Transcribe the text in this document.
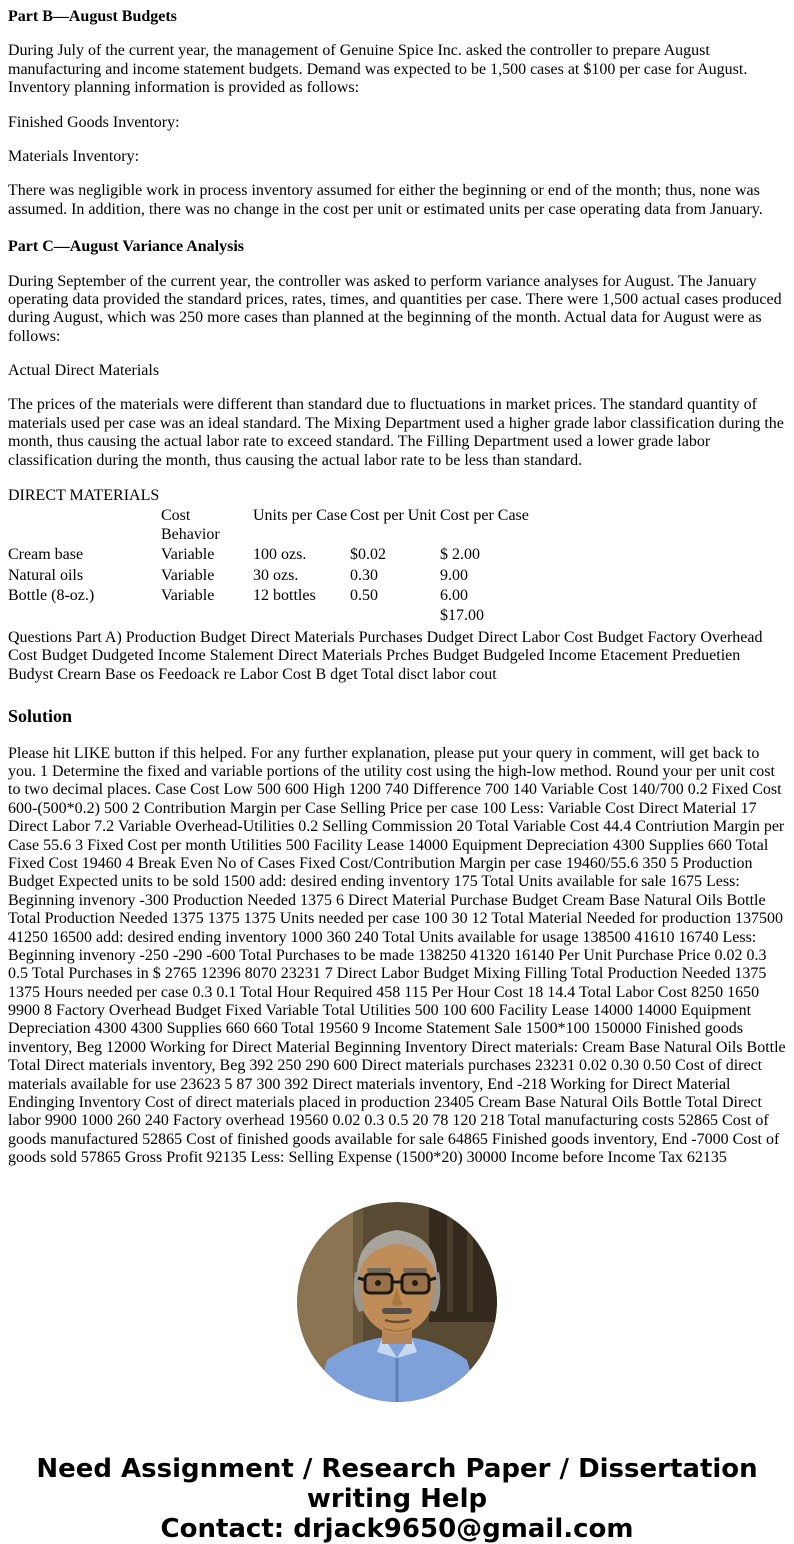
Part B—August Budgets

During July of the current year, the management of Genuine Spice Inc. asked the controller to prepare August manufacturing and income statement budgets. Demand was expected to be 1,500 cases at $100 per case for August. Inventory planning information is provided as follows:

Finished Goods Inventory:

Materials Inventory:

There was negligible work in process inventory assumed for either the beginning or end of the month; thus, none was assumed. In addition, there was no change in the cost per unit or estimated units per case operating data from January.

Part C—August Variance Analysis

During September of the current year, the controller was asked to perform variance analyses for August. The January operating data provided the standard prices, rates, times, and quantities per case. There were 1,500 actual cases produced during August, which was 250 more cases than planned at the beginning of the month. Actual data for August were as follows:

Actual Direct Materials

The prices of the materials were different than standard due to fluctuations in market prices. The standard quantity of materials used per case was an ideal standard. The Mixing Department used a higher grade labor classification during the month, thus causing the actual labor rate to exceed standard. The Filling Department used a lower grade labor classification during the month, thus causing the actual labor rate to be less than standard.

DIRECT MATERIALS				
	Cost Behavior	Units per Case	Cost per Unit	Cost per Case
Cream base	Variable	100 ozs.	$0.02	$ 2.00
Natural oils	Variable	30 ozs.	0.30	9.00
Bottle (8-oz.)	Variable	12 bottles	0.50	6.00
				$17.00

Questions Part A) Production Budget Direct Materials Purchases Dudget Direct Labor Cost Budget Factory Overhead Cost Budget Dudgeted Income Stalement Direct Materials Prches Budget Budgeled Income Etacement Preduetien Budyst Crearn Base os Feedoack re Labor Cost B dget Total disct labor cout

Solution

Please hit LIKE button if this helped. For any further explanation, please put your query in comment, will get back to you. 1 Determine the fixed and variable portions of the utility cost using the high-low method. Round your per unit cost to two decimal places. Case Cost Low 500 600 High 1200 740 Difference 700 140 Variable Cost 140/700 0.2 Fixed Cost 600-(500*0.2) 500 2 Contribution Margin per Case Selling Price per case 100 Less: Variable Cost Direct Material 17 Direct Labor 7.2 Variable Overhead-Utilities 0.2 Selling Commission 20 Total Variable Cost 44.4 Contriution Margin per Case 55.6 3 Fixed Cost per month Utilities 500 Facility Lease 14000 Equipment Depreciation 4300 Supplies 660 Total Fixed Cost 19460 4 Break Even No of Cases Fixed Cost/Contribution Margin per case 19460/55.6 350 5 Production Budget Expected units to be sold 1500 add: desired ending inventory 175 Total Units available for sale 1675 Less: Beginning invenory -300 Production Needed 1375 6 Direct Material Purchase Budget Cream Base Natural Oils Bottle Total Production Needed 1375 1375 1375 Units needed per case 100 30 12 Total Material Needed for production 137500 41250 16500 add: desired ending inventory 1000 360 240 Total Units available for usage 138500 41610 16740 Less: Beginning invenory -250 -290 -600 Total Purchases to be made 138250 41320 16140 Per Unit Purchase Price 0.02 0.3 0.5 Total Purchases in $ 2765 12396 8070 23231 7 Direct Labor Budget Mixing Filling Total Production Needed 1375 1375 Hours needed per case 0.3 0.1 Total Hour Required 458 115 Per Hour Cost 18 14.4 Total Labor Cost 8250 1650 9900 8 Factory Overhead Budget Fixed Variable Total Utilities 500 100 600 Facility Lease 14000 14000 Equipment Depreciation 4300 4300 Supplies 660 660 Total 19560 9 Income Statement Sale 1500*100 150000 Finished goods inventory, Beg 12000 Working for Direct Material Beginning Inventory Direct materials: Cream Base Natural Oils Bottle Total Direct materials inventory, Beg 392 250 290 600 Direct materials purchases 23231 0.02 0.30 0.50 Cost of direct materials available for use 23623 5 87 300 392 Direct materials inventory, End -218 Working for Direct Material Endinging Inventory Cost of direct materials placed in production 23405 Cream Base Natural Oils Bottle Total Direct labor 9900 1000 260 240 Factory overhead 19560 0.02 0.3 0.5 20 78 120 218 Total manufacturing costs 52865 Cost of goods manufactured 52865 Cost of finished goods available for sale 64865 Finished goods inventory, End -7000 Cost of goods sold 57865 Gross Profit 92135 Less: Selling Expense (1500*20) 30000 Income before Income Tax 62135

Need Assignment / Research Paper / Dissertation writing Help
Contact: drjack9650@gmail.com
